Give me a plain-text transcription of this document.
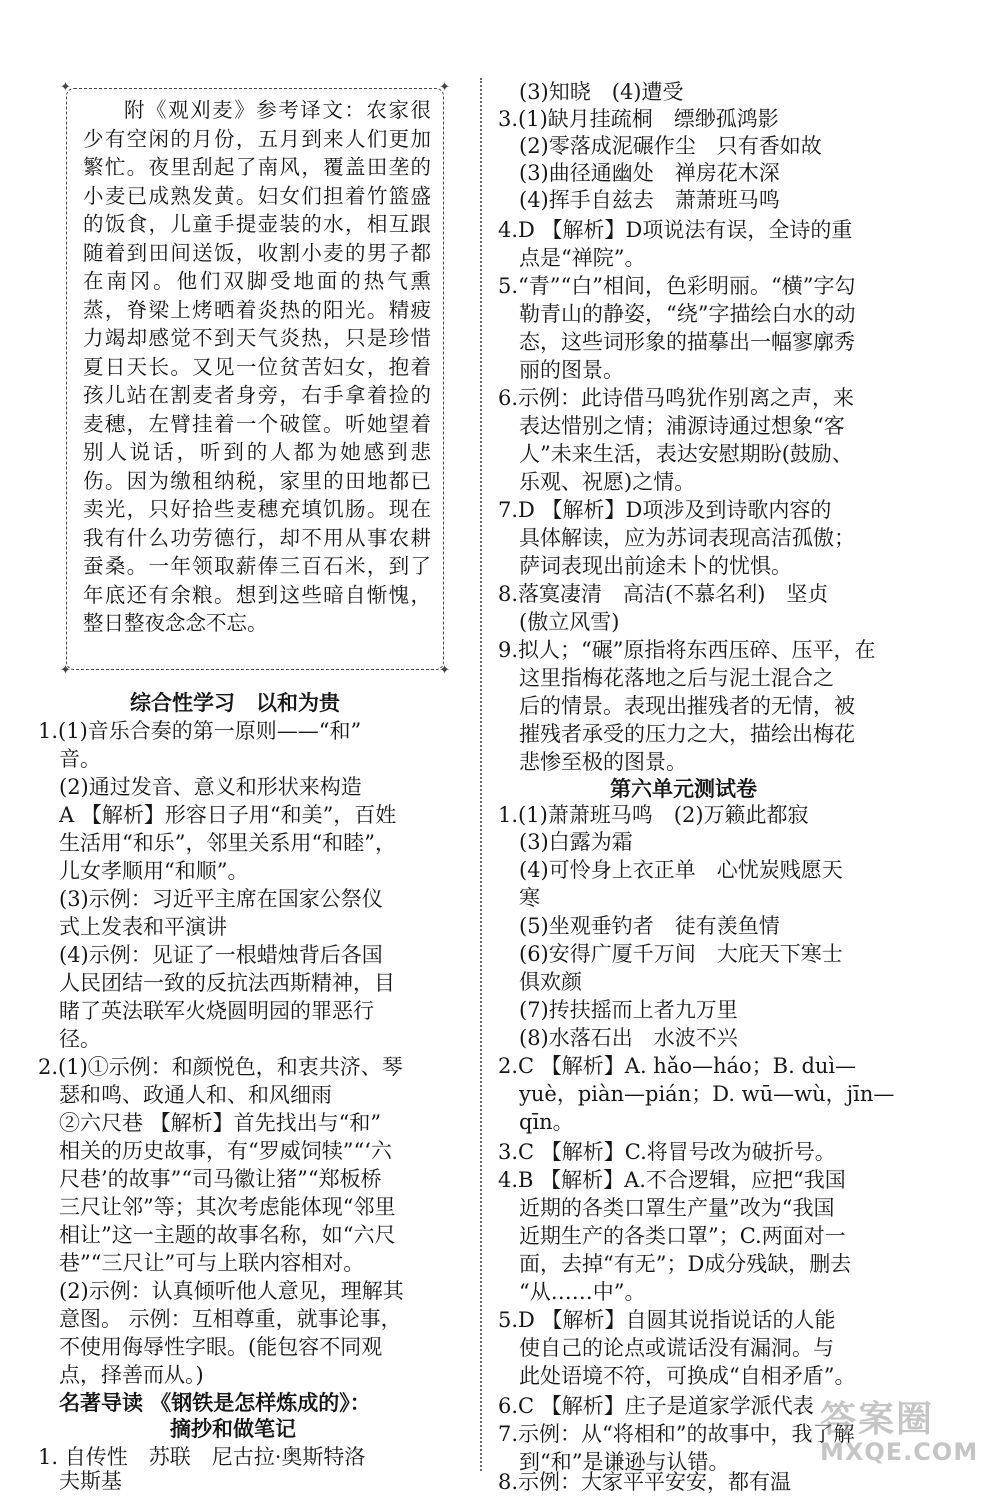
✦	✦
✦	✦

附《观刈麦》参考译文：农家很少有空闲的月份，五月到来人们更加繁忙。夜里刮起了南风，覆盖田垄的小麦已成熟发黄。妇女们担着竹篮盛的饭食，儿童手提壶装的水，相互跟随着到田间送饭，收割小麦的男子都在南冈。他们双脚受地面的热气熏蒸，脊梁上烤晒着炎热的阳光。精疲力竭却感觉不到天气炎热，只是珍惜夏日天长。又见一位贫苦妇女，抱着孩儿站在割麦者身旁，右手拿着捡的麦穗，左臂挂着一个破筐。听她望着别人说话，听到的人都为她感到悲伤。因为缴租纳税，家里的田地都已卖光，只好拾些麦穗充填饥肠。现在我有什么功劳德行，却不用从事农耕蚕桑。一年领取薪俸三百石米，到了年底还有余粮。想到这些暗自惭愧，整日整夜念念不忘。

综合性学习　以和为贵
1.(1)音乐合奏的第一原则——“和”
　音。
　(2)通过发音、意义和形状来构造
　A 【解析】形容日子用“和美”，百姓
　生活用“和乐”，邻里关系用“和睦”，
　儿女孝顺用“和顺”。
　(3)示例：习近平主席在国家公祭仪
　式上发表和平演讲
　(4)示例：见证了一根蜡烛背后各国
　人民团结一致的反抗法西斯精神，目
　睹了英法联军火烧圆明园的罪恶行
　径。
2.(1)①示例：和颜悦色，和衷共济、琴
　瑟和鸣、政通人和、和风细雨
　②六尺巷 【解析】首先找出与“和”
　相关的历史故事，有“罗威饲犊”“‘六
　尺巷’的故事”“司马徽让猪”“郑板桥
　三尺让邻”等；其次考虑能体现“邻里
　相让”这一主题的故事名称，如“六尺
　巷”“三尺让”可与上联内容相对。
　(2)示例：认真倾听他人意见，理解其
　意图。 示例：互相尊重，就事论事，
　不使用侮辱性字眼。(能包容不同观
　点，择善而从。)
　名著导读 《钢铁是怎样炼成的》：
摘抄和做笔记
1. 自传性　苏联　尼古拉·奥斯特洛
　夫斯基
　(3)知晓　(4)遭受
3.(1)缺月挂疏桐　缥缈孤鸿影
　(2)零落成泥碾作尘　只有香如故
　(3)曲径通幽处　禅房花木深
　(4)挥手自兹去　萧萧班马鸣
4.D 【解析】D项说法有误，全诗的重
　点是“禅院”。
5.“青”“白”相间，色彩明丽。“横”字勾
　勒青山的静姿，“绕”字描绘白水的动
　态，这些词形象的描摹出一幅寥廓秀
　丽的图景。
6.示例：此诗借马鸣犹作别离之声，来
　表达惜别之情；浦源诗通过想象“客
　人”未来生活，表达安慰期盼(鼓励、
　乐观、祝愿)之情。
7.D 【解析】D项涉及到诗歌内容的
　具体解读，应为苏词表现高洁孤傲；
　萨词表现出前途未卜的忧惧。
8.落寞凄清　高洁(不慕名利)　坚贞
　(傲立风雪)
9.拟人；“碾”原指将东西压碎、压平，在
　这里指梅花落地之后与泥土混合之
　后的情景。表现出摧残者的无情，被
　摧残者承受的压力之大，描绘出梅花
　悲惨至极的图景。
第六单元测试卷
1.(1)萧萧班马鸣　(2)万籁此都寂
　(3)白露为霜
　(4)可怜身上衣正单　心忧炭贱愿天
　寒
　(5)坐观垂钓者　徒有羡鱼情
　(6)安得广厦千万间　大庇天下寒士
　俱欢颜
　(7)抟扶摇而上者九万里
　(8)水落石出　水波不兴
2.C 【解析】A. hǎo—háo；B. duì—
　yuè，piàn—pián；D. wū—wù，jīn—
　qīn。
3.C 【解析】C.将冒号改为破折号。
4.B 【解析】A.不合逻辑，应把“我国
　近期的各类口罩生产量”改为“我国
　近期生产的各类口罩”；C.两面对一
　面，去掉“有无”；D成分残缺，删去
　“从……中”。
5.D 【解析】自圆其说指说话的人能
　使自己的论点或谎话没有漏洞。与
　此处语境不符，可换成“自相矛盾”。
6.C 【解析】庄子是道家学派代表
7.示例：从“将相和”的故事中，我了解
　到“和”是谦逊与认错。
8.示例：大家平平安安，都有温
答案圈
MXQE.COM
